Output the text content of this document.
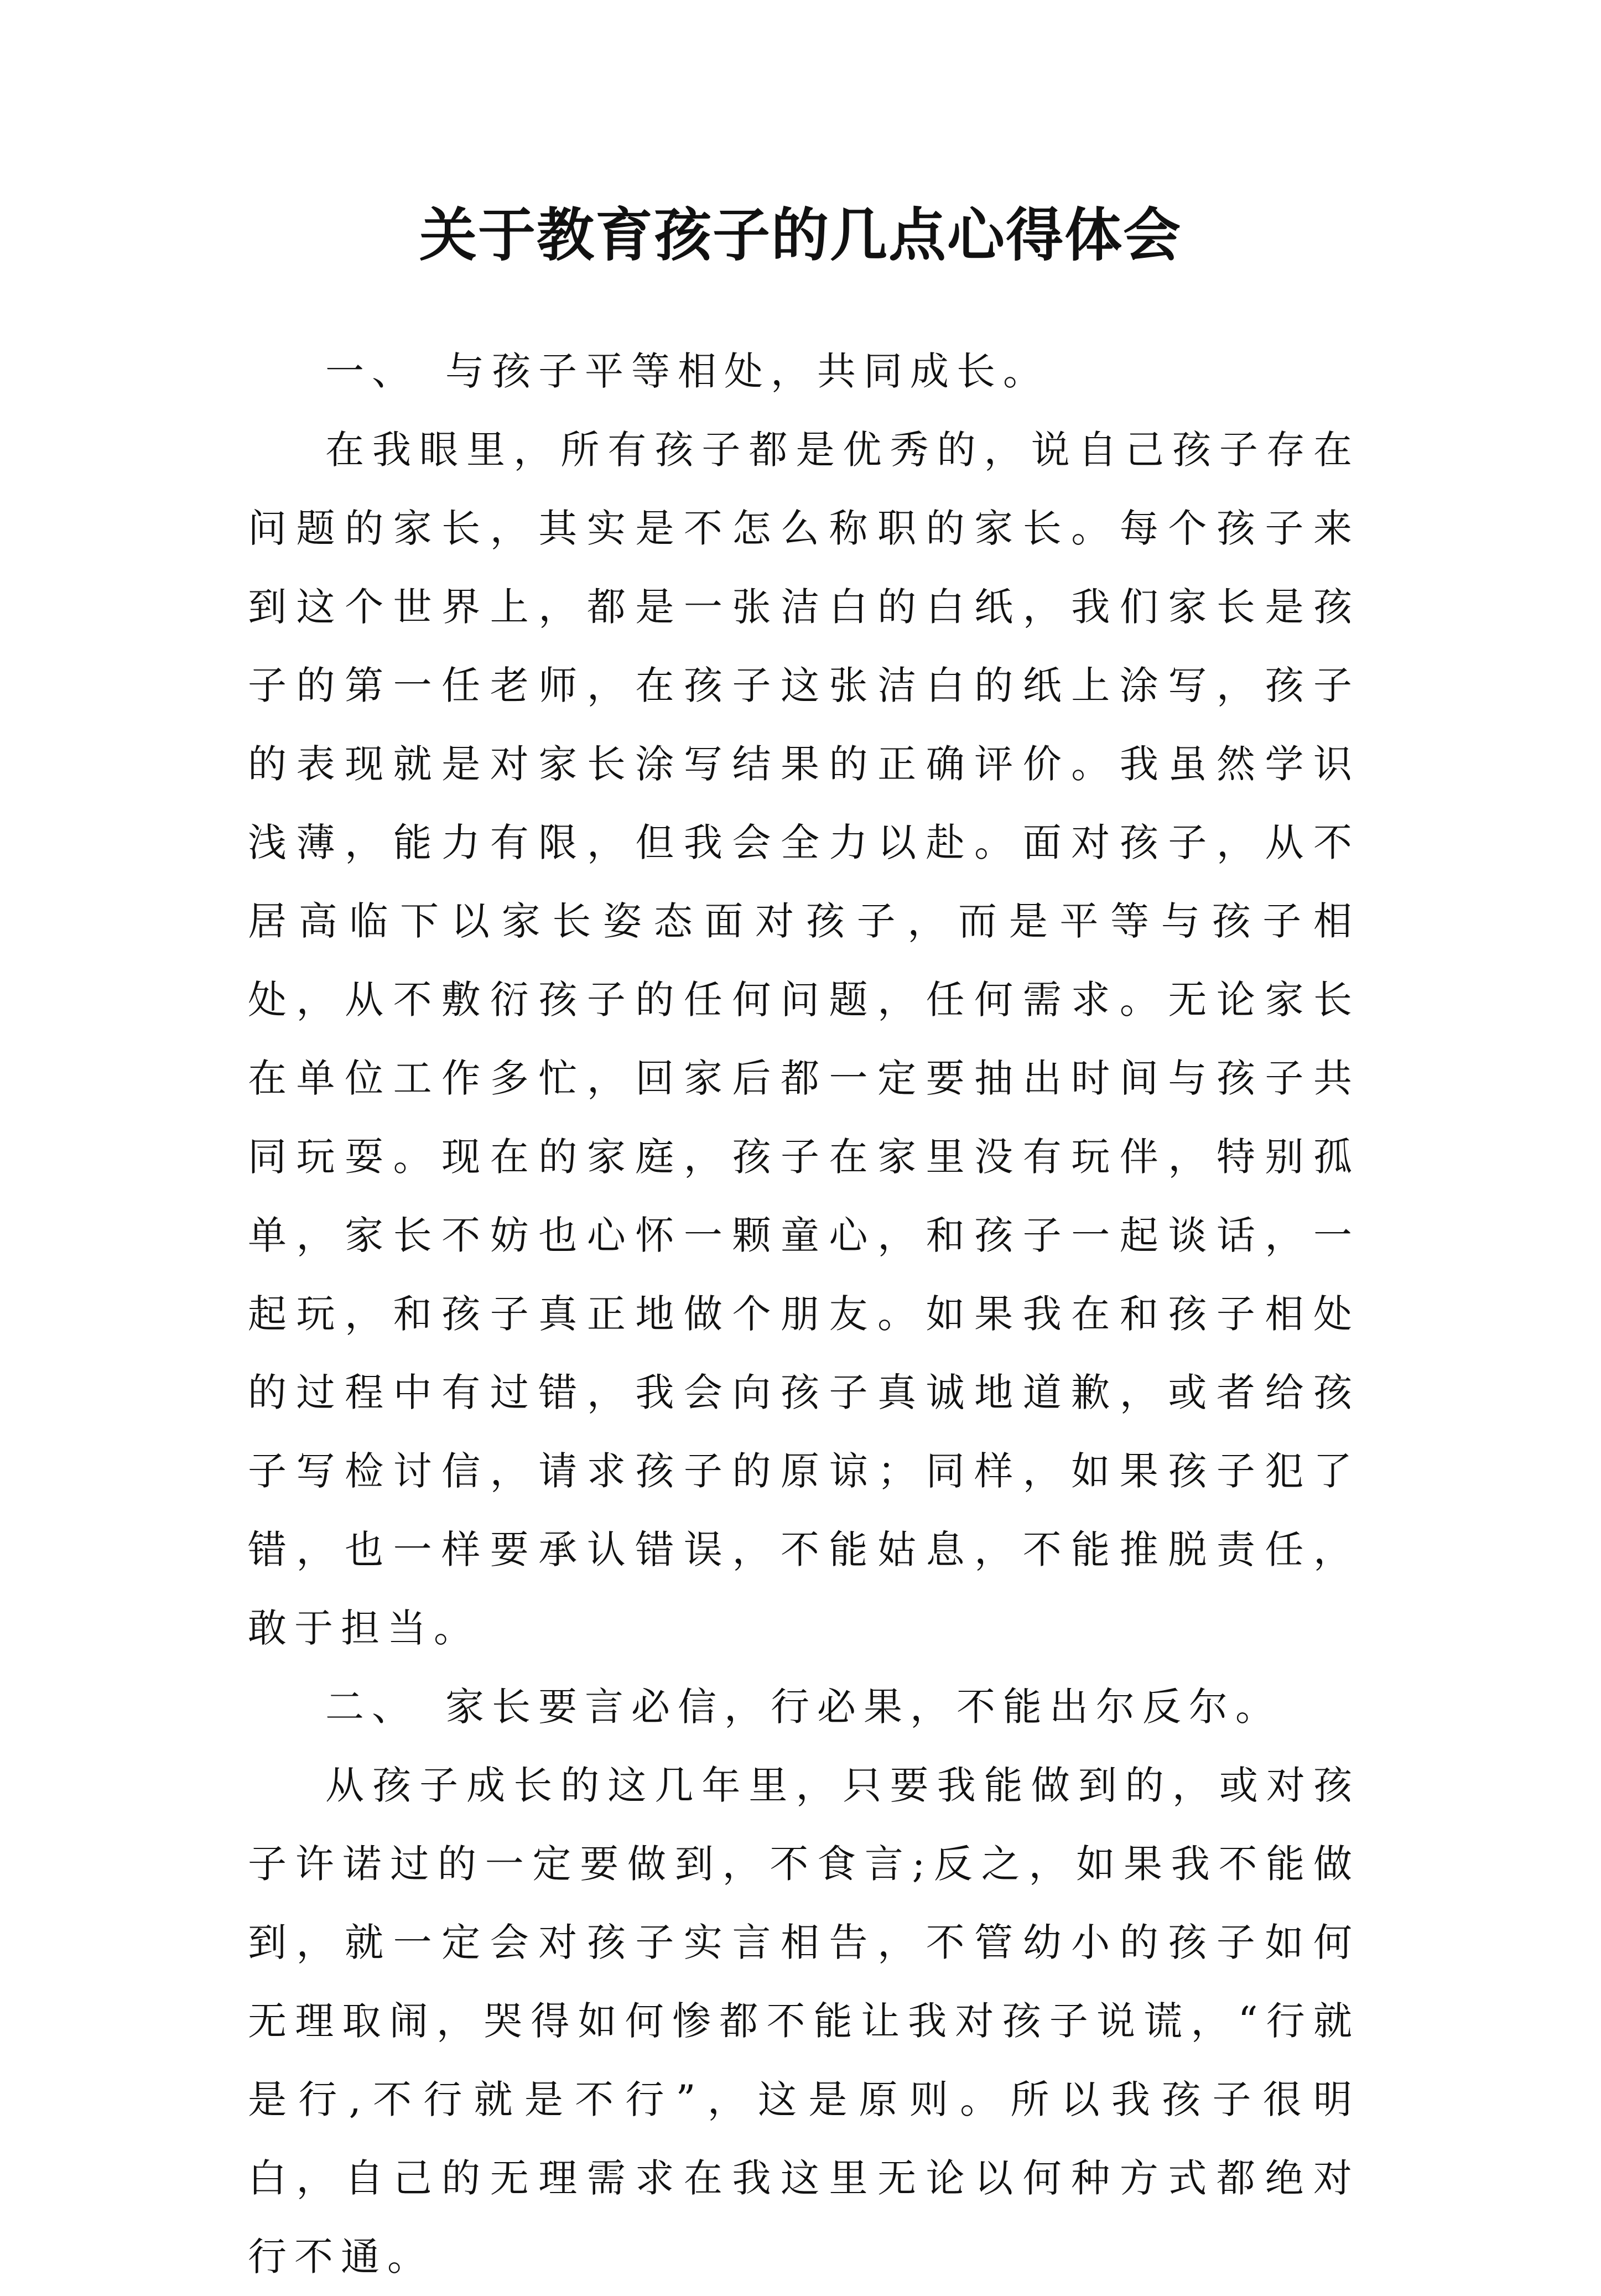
关于教育孩子的几点心得体会

一、　与孩子平等相处，共同成长。

在我眼里，所有孩子都是优秀的，说自己孩子存在问题的家长，其实是不怎么称职的家长。每个孩子来到这个世界上，都是一张洁白的白纸，我们家长是孩子的第一任老师，在孩子这张洁白的纸上涂写，孩子的表现就是对家长涂写结果的正确评价。我虽然学识浅薄，能力有限，但我会全力以赴。面对孩子，从不居高临下以家长姿态面对孩子，而是平等与孩子相处，从不敷衍孩子的任何问题，任何需求。无论家长在单位工作多忙，回家后都一定要抽出时间与孩子共同玩耍。现在的家庭，孩子在家里没有玩伴，特别孤单，家长不妨也心怀一颗童心，和孩子一起谈话，一起玩，和孩子真正地做个朋友。如果我在和孩子相处的过程中有过错，我会向孩子真诚地道歉，或者给孩子写检讨信，请求孩子的原谅；同样，如果孩子犯了错，也一样要承认错误，不能姑息，不能推脱责任，敢于担当。

二、　家长要言必信，行必果，不能出尔反尔。

从孩子成长的这几年里，只要我能做到的，或对孩子许诺过的一定要做到，不食言;反之，如果我不能做到，就一定会对孩子实言相告，不管幼小的孩子如何无理取闹，哭得如何惨都不能让我对孩子说谎，“行就是行,不行就是不行”，这是原则。所以我孩子很明白，自己的无理需求在我这里无论以何种方式都绝对行不通。
